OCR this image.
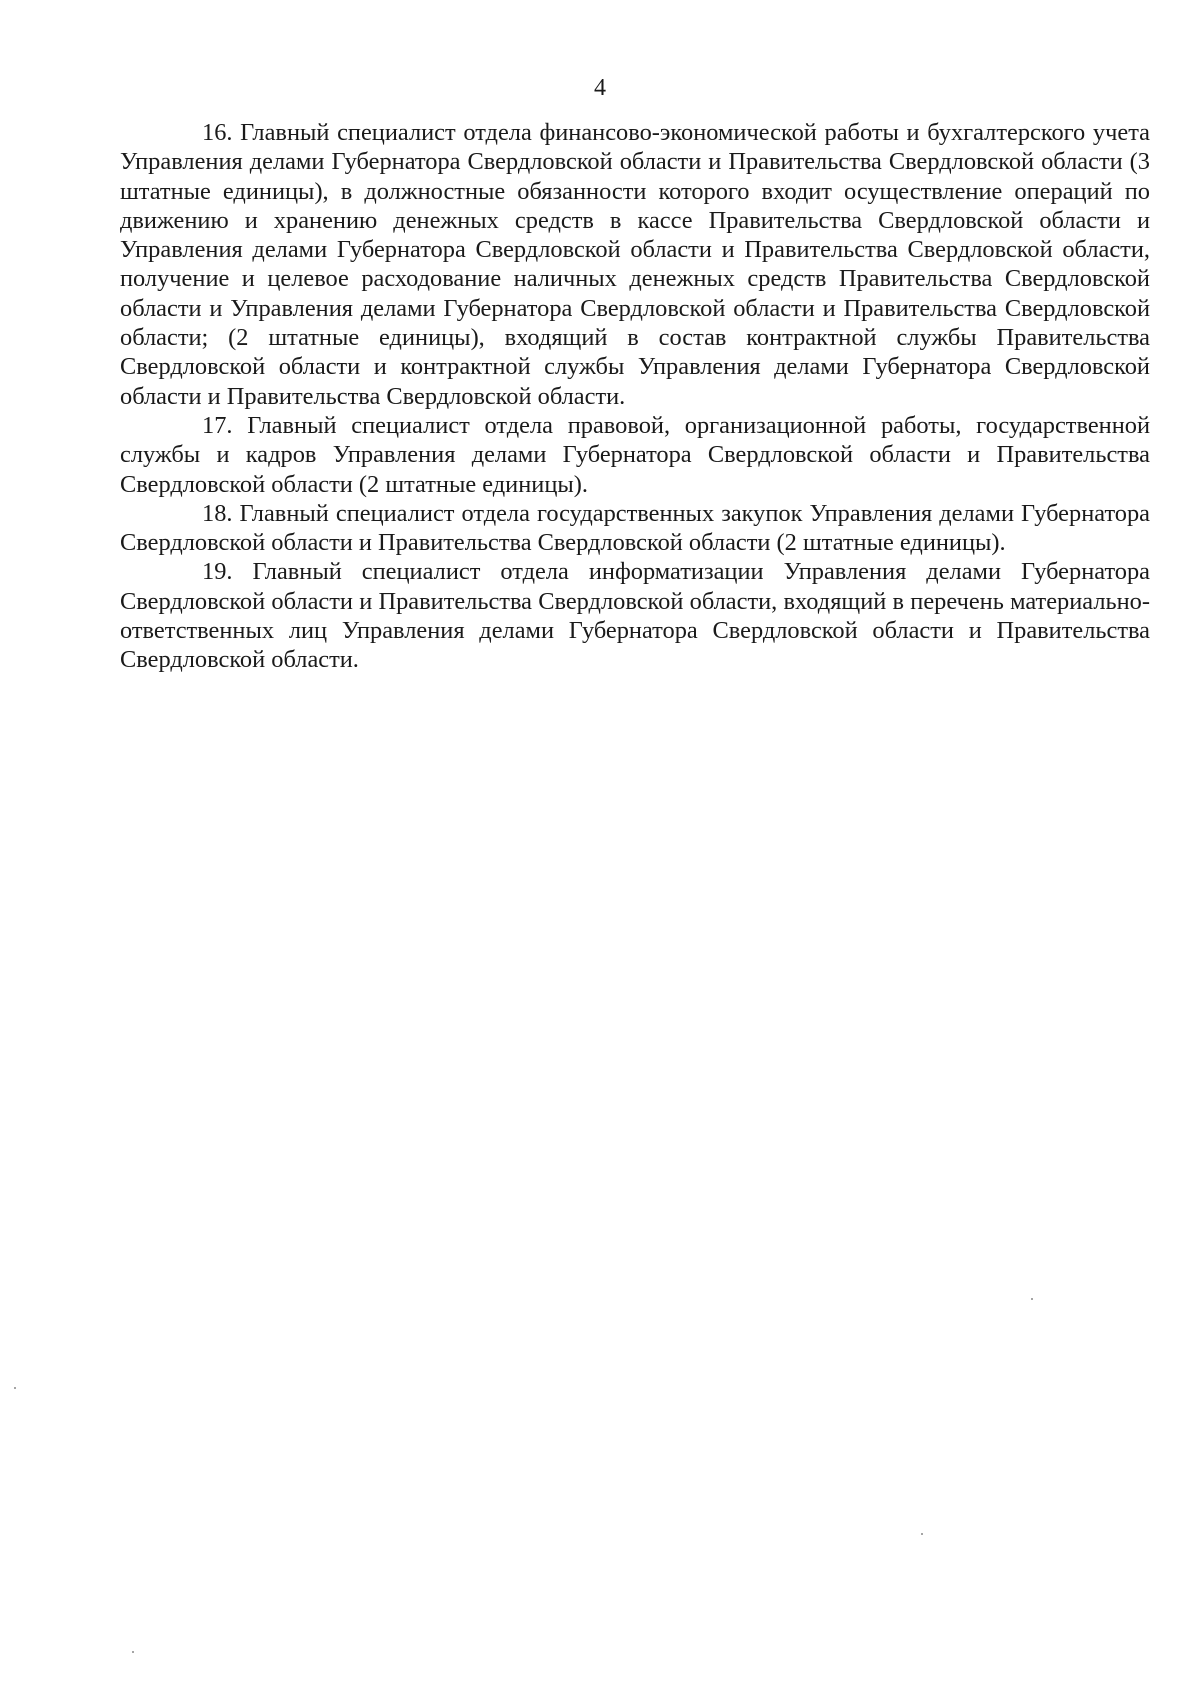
4

16. Главный специалист отдела финансово-экономической работы и бухгалтерского учета Управления делами Губернатора Свердловской области и Правительства Свердловской области (3 штатные единицы), в должностные обязанности которого входит осуществление операций по движению и хранению денежных средств в кассе Правительства Свердловской области и Управления делами Губернатора Свердловской области и Правительства Свердловской области, получение и целевое расходование наличных денежных средств Правительства Свердловской области и Управления делами Губернатора Свердловской области и Правительства Свердловской области; (2 штатные единицы), входящий в состав контрактной службы Правительства Свердловской области и контрактной службы Управления делами Губернатора Свердловской области и Правительства Свердловской области.

17. Главный специалист отдела правовой, организационной работы, государственной службы и кадров Управления делами Губернатора Свердловской области и Правительства Свердловской области (2 штатные единицы).

18. Главный специалист отдела государственных закупок Управления делами Губернатора Свердловской области и Правительства Свердловской области (2 штатные единицы).

19. Главный специалист отдела информатизации Управления делами Губернатора Свердловской области и Правительства Свердловской области, входящий в перечень материально-ответственных лиц Управления делами Губернатора Свердловской области и Правительства Свердловской области.
